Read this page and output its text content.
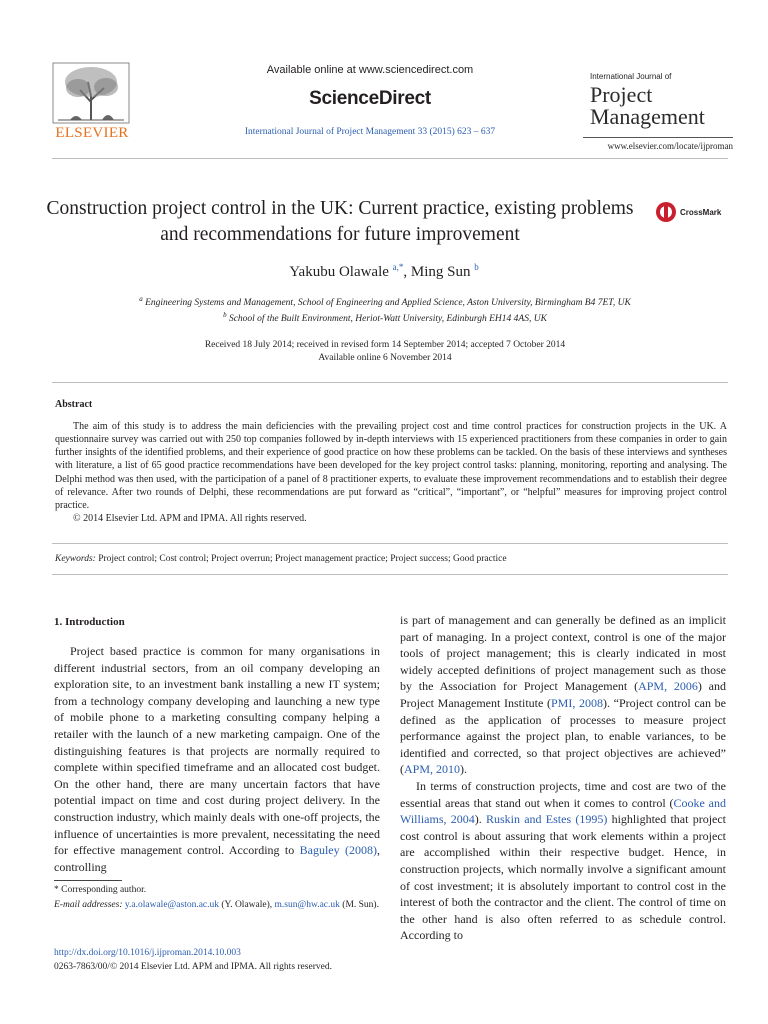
ELSEVIER
Available online at www.sciencedirect.com
ScienceDirect
International Journal of Project Management 33 (2015) 623 – 637
International Journal of
Project
Management
www.elsevier.com/locate/ijproman
Construction project control in the UK: Current practice, existing problems and recommendations for future improvement
CrossMark
Yakubu Olawale $^{a,*}$, Ming Sun $^b$
$^a$ Engineering Systems and Management, School of Engineering and Applied Science, Aston University, Birmingham B4 7ET, UK
$^b$ School of the Built Environment, Heriot-Watt University, Edinburgh EH14 4AS, UK
Received 18 July 2014; received in revised form 14 September 2014; accepted 7 October 2014
Available online 6 November 2014
Abstract

The aim of this study is to address the main deficiencies with the prevailing project cost and time control practices for construction projects in the UK. A questionnaire survey was carried out with 250 top companies followed by in-depth interviews with 15 experienced practitioners from these companies in order to gain further insights of the identified problems, and their experience of good practice on how these problems can be tackled. On the basis of these interviews and syntheses with literature, a list of 65 good practice recommendations have been developed for the key project control tasks: planning, monitoring, reporting and analysing. The Delphi method was then used, with the participation of a panel of 8 practitioner experts, to evaluate these improvement recommendations and to establish their degree of relevance. After two rounds of Delphi, these recommendations are put forward as “critical”, “important”, or “helpful” measures for improving project control practice.

© 2014 Elsevier Ltd. APM and IPMA. All rights reserved.

Keywords: Project control; Cost control; Project overrun; Project management practice; Project success; Good practice
1. Introduction

Project based practice is common for many organisations in different industrial sectors, from an oil company developing an exploration site, to an investment bank installing a new IT system; from a technology company developing and launching a new type of mobile phone to a marketing consulting company helping a retailer with the launch of a new marketing campaign. One of the distinguishing features is that projects are normally required to complete within specified timeframe and an allocated cost budget. On the other hand, there are many uncertain factors that have potential impact on time and cost during project delivery. In the construction industry, which mainly deals with one-off projects, the influence of uncertainties is more prevalent, necessitating the need for effective management control. According to Baguley (2008), controlling

is part of management and can generally be defined as an implicit part of managing. In a project context, control is one of the major tools of project management; this is clearly indicated in most widely accepted definitions of project management such as those by the Association for Project Management (APM, 2006) and Project Management Institute (PMI, 2008). “Project control can be defined as the application of processes to measure project performance against the project plan, to enable variances, to be identified and corrected, so that project objectives are achieved” (APM, 2010).

In terms of construction projects, time and cost are two of the essential areas that stand out when it comes to control (Cooke and Williams, 2004). Ruskin and Estes (1995) highlighted that project cost control is about assuring that work elements within a project are accomplished within their respective budget. Hence, in construction projects, which normally involve a significant amount of cost investment; it is absolutely important to control cost in the interest of both the contractor and the client. The control of time on the other hand is also often referred to as schedule control. According to

* Corresponding author.
E-mail addresses: y.a.olawale@aston.ac.uk (Y. Olawale), m.sun@hw.ac.uk (M. Sun).
http://dx.doi.org/10.1016/j.ijproman.2014.10.003
0263-7863/00/© 2014 Elsevier Ltd. APM and IPMA. All rights reserved.
